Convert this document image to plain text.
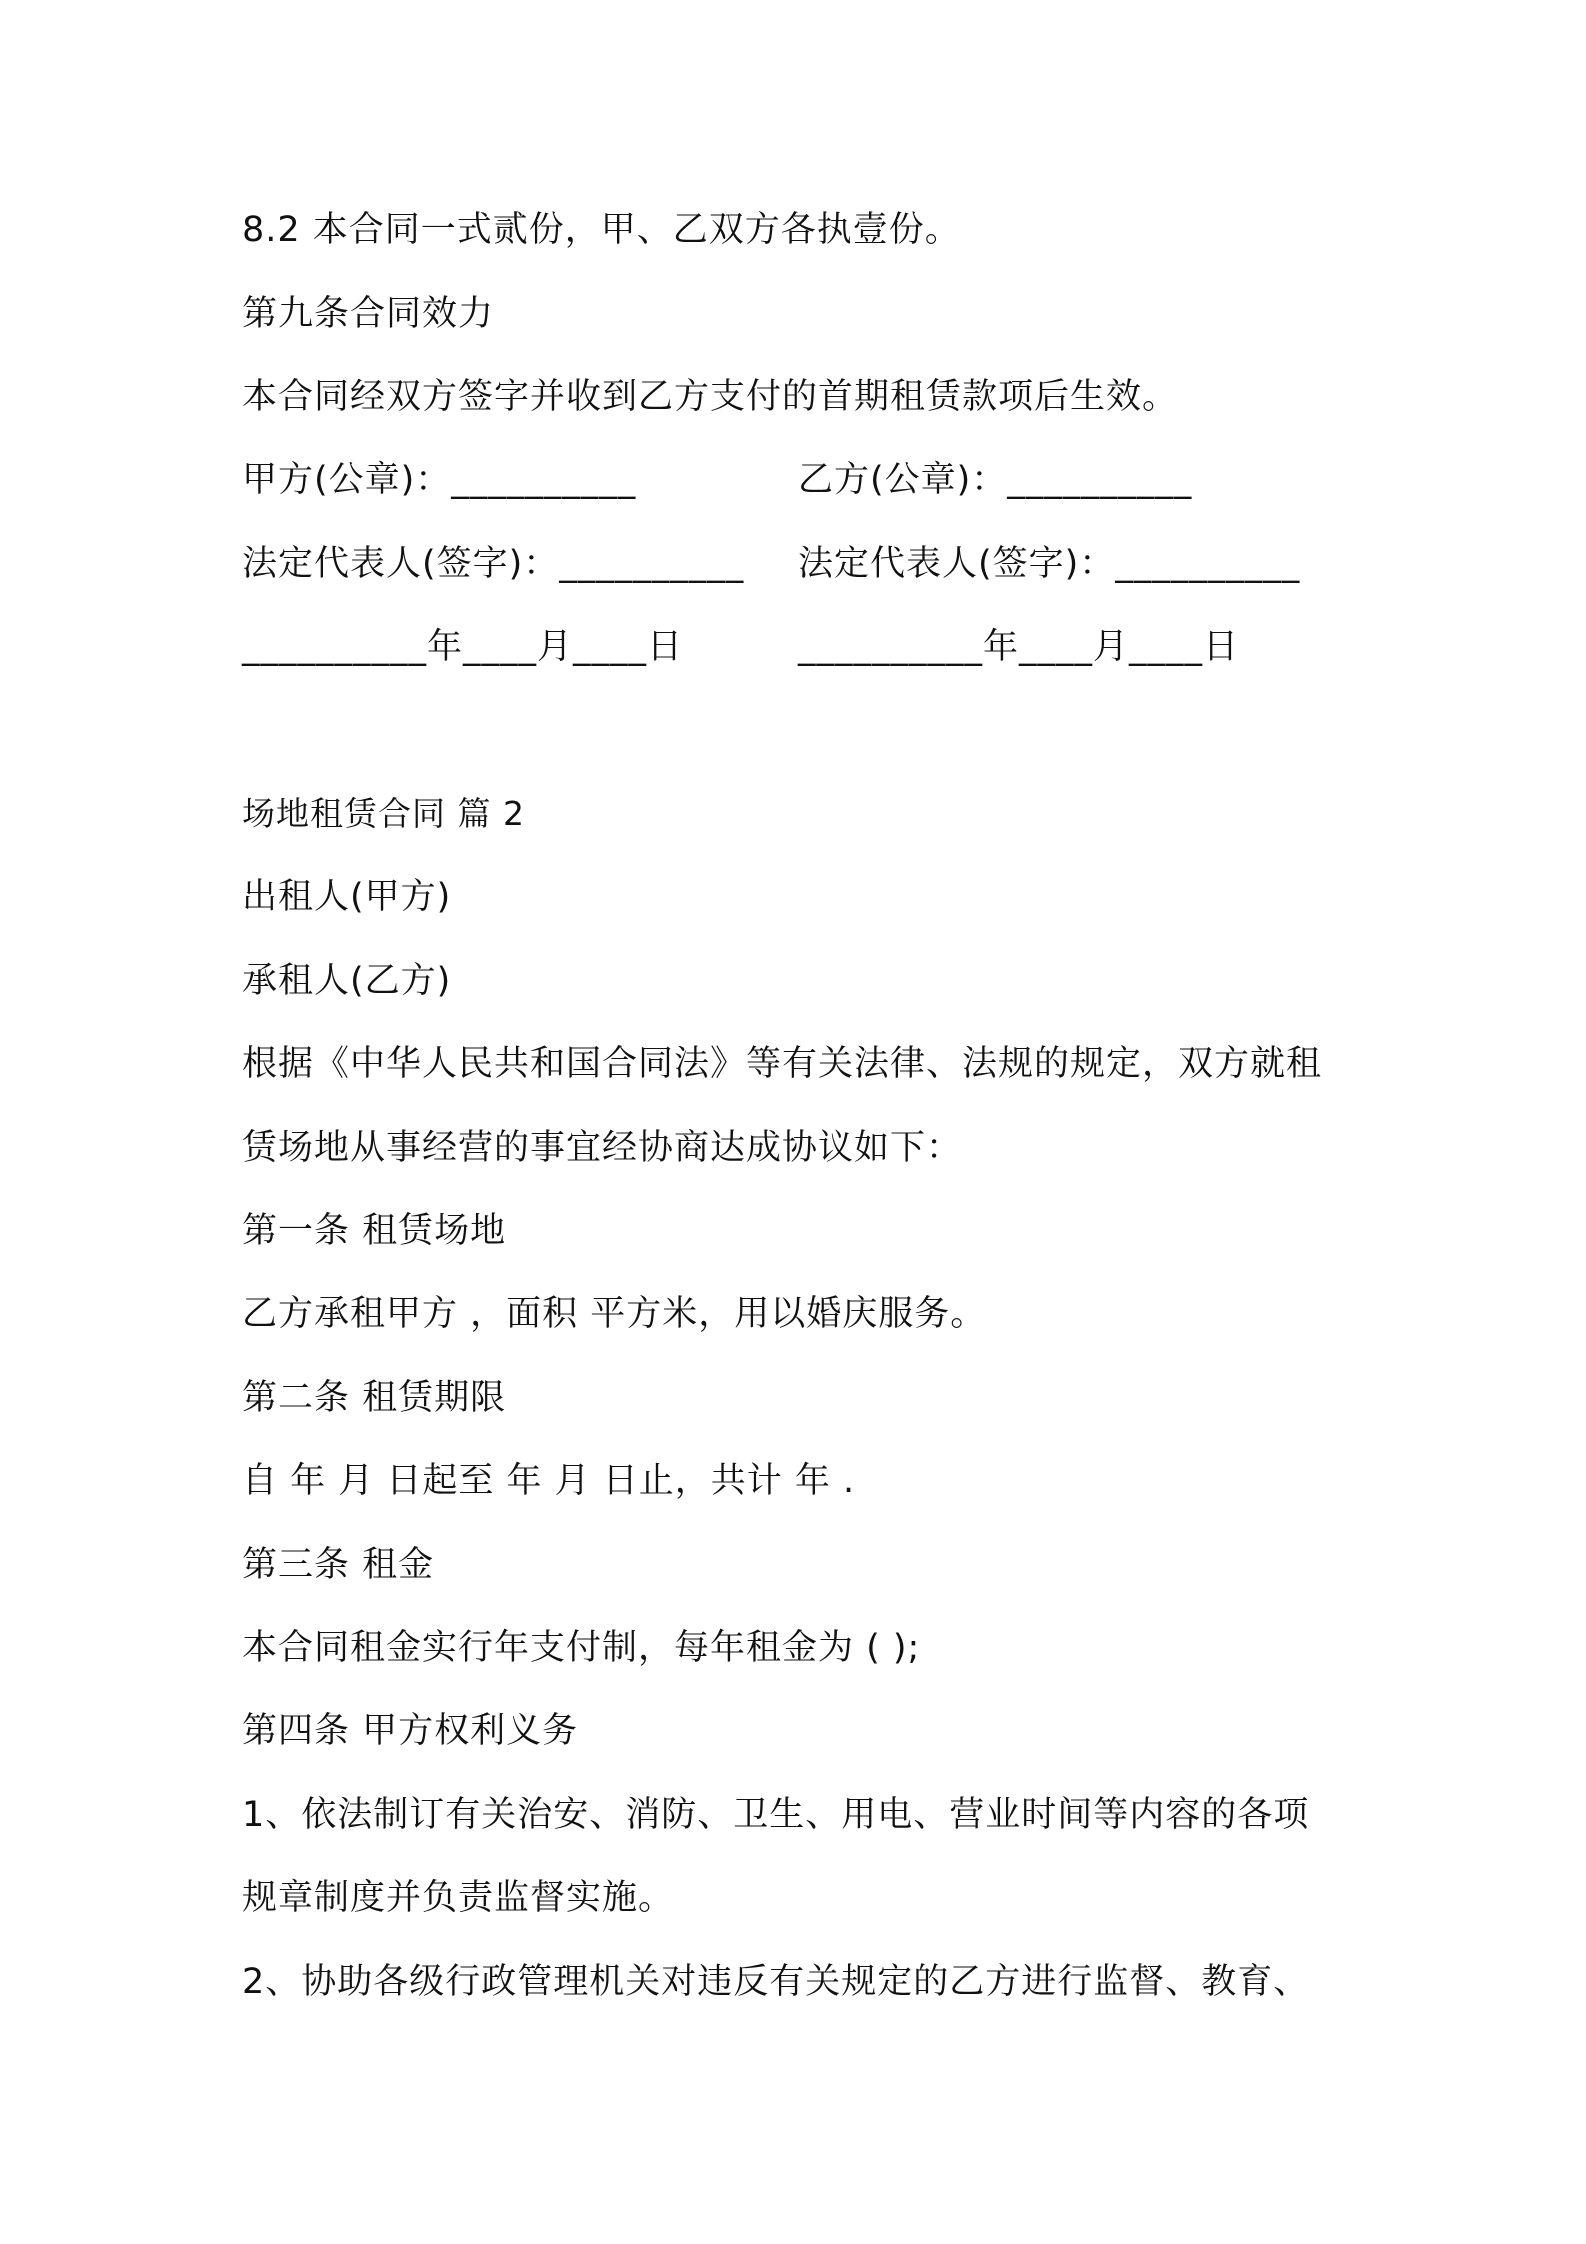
8.2 本合同一式贰份，甲、乙双方各执壹份。
第九条合同效力
本合同经双方签字并收到乙方支付的首期租赁款项后生效。
甲方(公章)：__________	乙方(公章)：__________
法定代表人(签字)：__________ 法定代表人(签字)：__________
__________年____月____日	__________年____月____日
场地租赁合同 篇 2
出租人(甲方)
承租人(乙方)
根据《中华人民共和国合同法》等有关法律、法规的规定，双方就租
赁场地从事经营的事宜经协商达成协议如下：
第一条 租赁场地
乙方承租甲方 ，面积 平方米，用以婚庆服务。
第二条 租赁期限
自 年 月 日起至 年 月 日止，共计 年 .
第三条 租金
本合同租金实行年支付制，每年租金为 ( );
第四条 甲方权利义务
1、依法制订有关治安、消防、卫生、用电、营业时间等内容的各项
规章制度并负责监督实施。
2、协助各级行政管理机关对违反有关规定的乙方进行监督、教育、
